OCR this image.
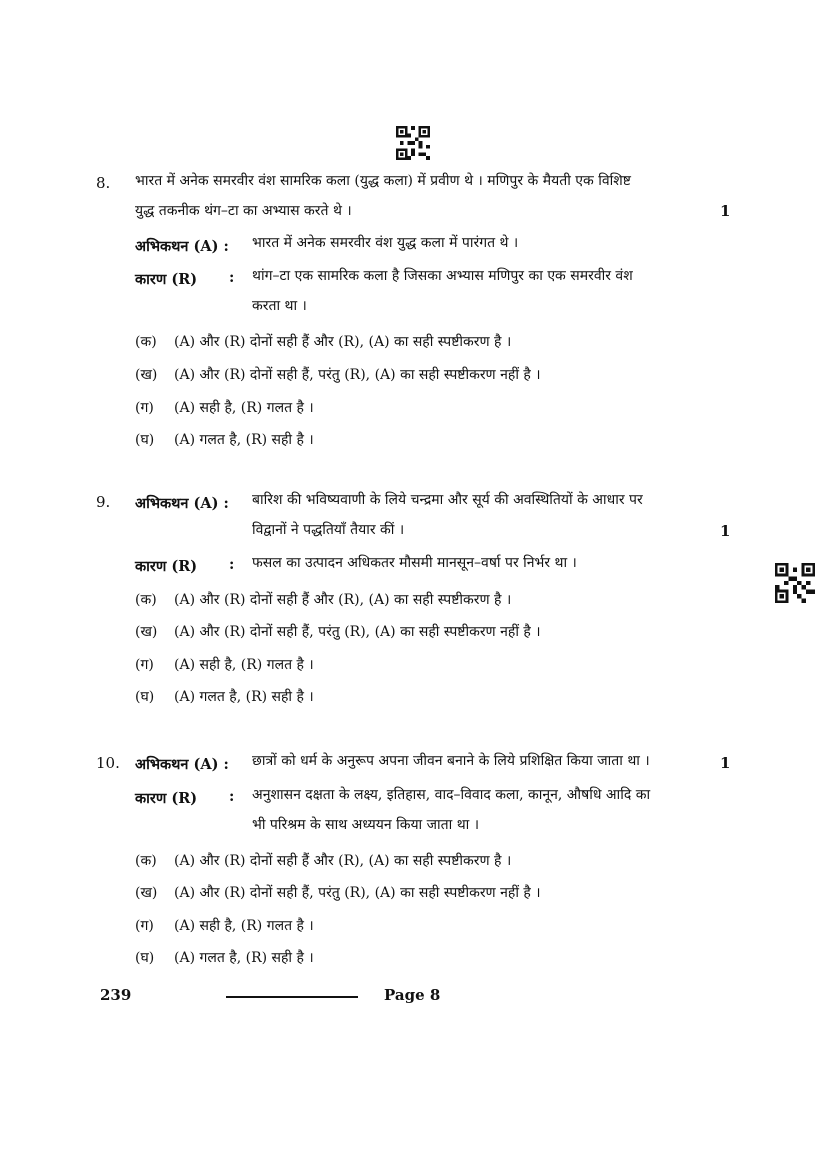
8. भारत में अनेक समरवीर वंश सामरिक कला (युद्ध कला) में प्रवीण थे । मणिपुर के मैयती एक विशिष्ट
युद्ध तकनीक थंग–टा का अभ्यास करते थे ।	1
अभिकथन (A) : भारत में अनेक समरवीर वंश युद्ध कला में पारंगत थे ।
कारण (R) : थांग–टा एक सामरिक कला है जिसका अभ्यास मणिपुर का एक समरवीर वंश
करता था ।
(क) (A) और (R) दोनों सही हैं और (R), (A) का सही स्पष्टीकरण है ।
(ख) (A) और (R) दोनों सही हैं, परंतु (R), (A) का सही स्पष्टीकरण नहीं है ।
(ग) (A) सही है, (R) गलत है ।
(घ) (A) गलत है, (R) सही है ।
9. अभिकथन (A) : बारिश की भविष्यवाणी के लिये चन्द्रमा और सूर्य की अवस्थितियों के आधार पर
विद्वानों ने पद्धतियाँ तैयार कीं ।	1
कारण (R) : फसल का उत्पादन अधिकतर मौसमी मानसून–वर्षा पर निर्भर था ।
(क) (A) और (R) दोनों सही हैं और (R), (A) का सही स्पष्टीकरण है ।
(ख) (A) और (R) दोनों सही हैं, परंतु (R), (A) का सही स्पष्टीकरण नहीं है ।
(ग) (A) सही है, (R) गलत है ।
(घ) (A) गलत है, (R) सही है ।
10. अभिकथन (A) : छात्रों को धर्म के अनुरूप अपना जीवन बनाने के लिये प्रशिक्षित किया जाता था ।	1
कारण (R) : अनुशासन दक्षता के लक्ष्य, इतिहास, वाद–विवाद कला, कानून, औषधि आदि का
भी परिश्रम के साथ अध्ययन किया जाता था ।
(क) (A) और (R) दोनों सही हैं और (R), (A) का सही स्पष्टीकरण है ।
(ख) (A) और (R) दोनों सही हैं, परंतु (R), (A) का सही स्पष्टीकरण नहीं है ।
(ग) (A) सही है, (R) गलत है ।
(घ) (A) गलत है, (R) सही है ।
239	Page 8
